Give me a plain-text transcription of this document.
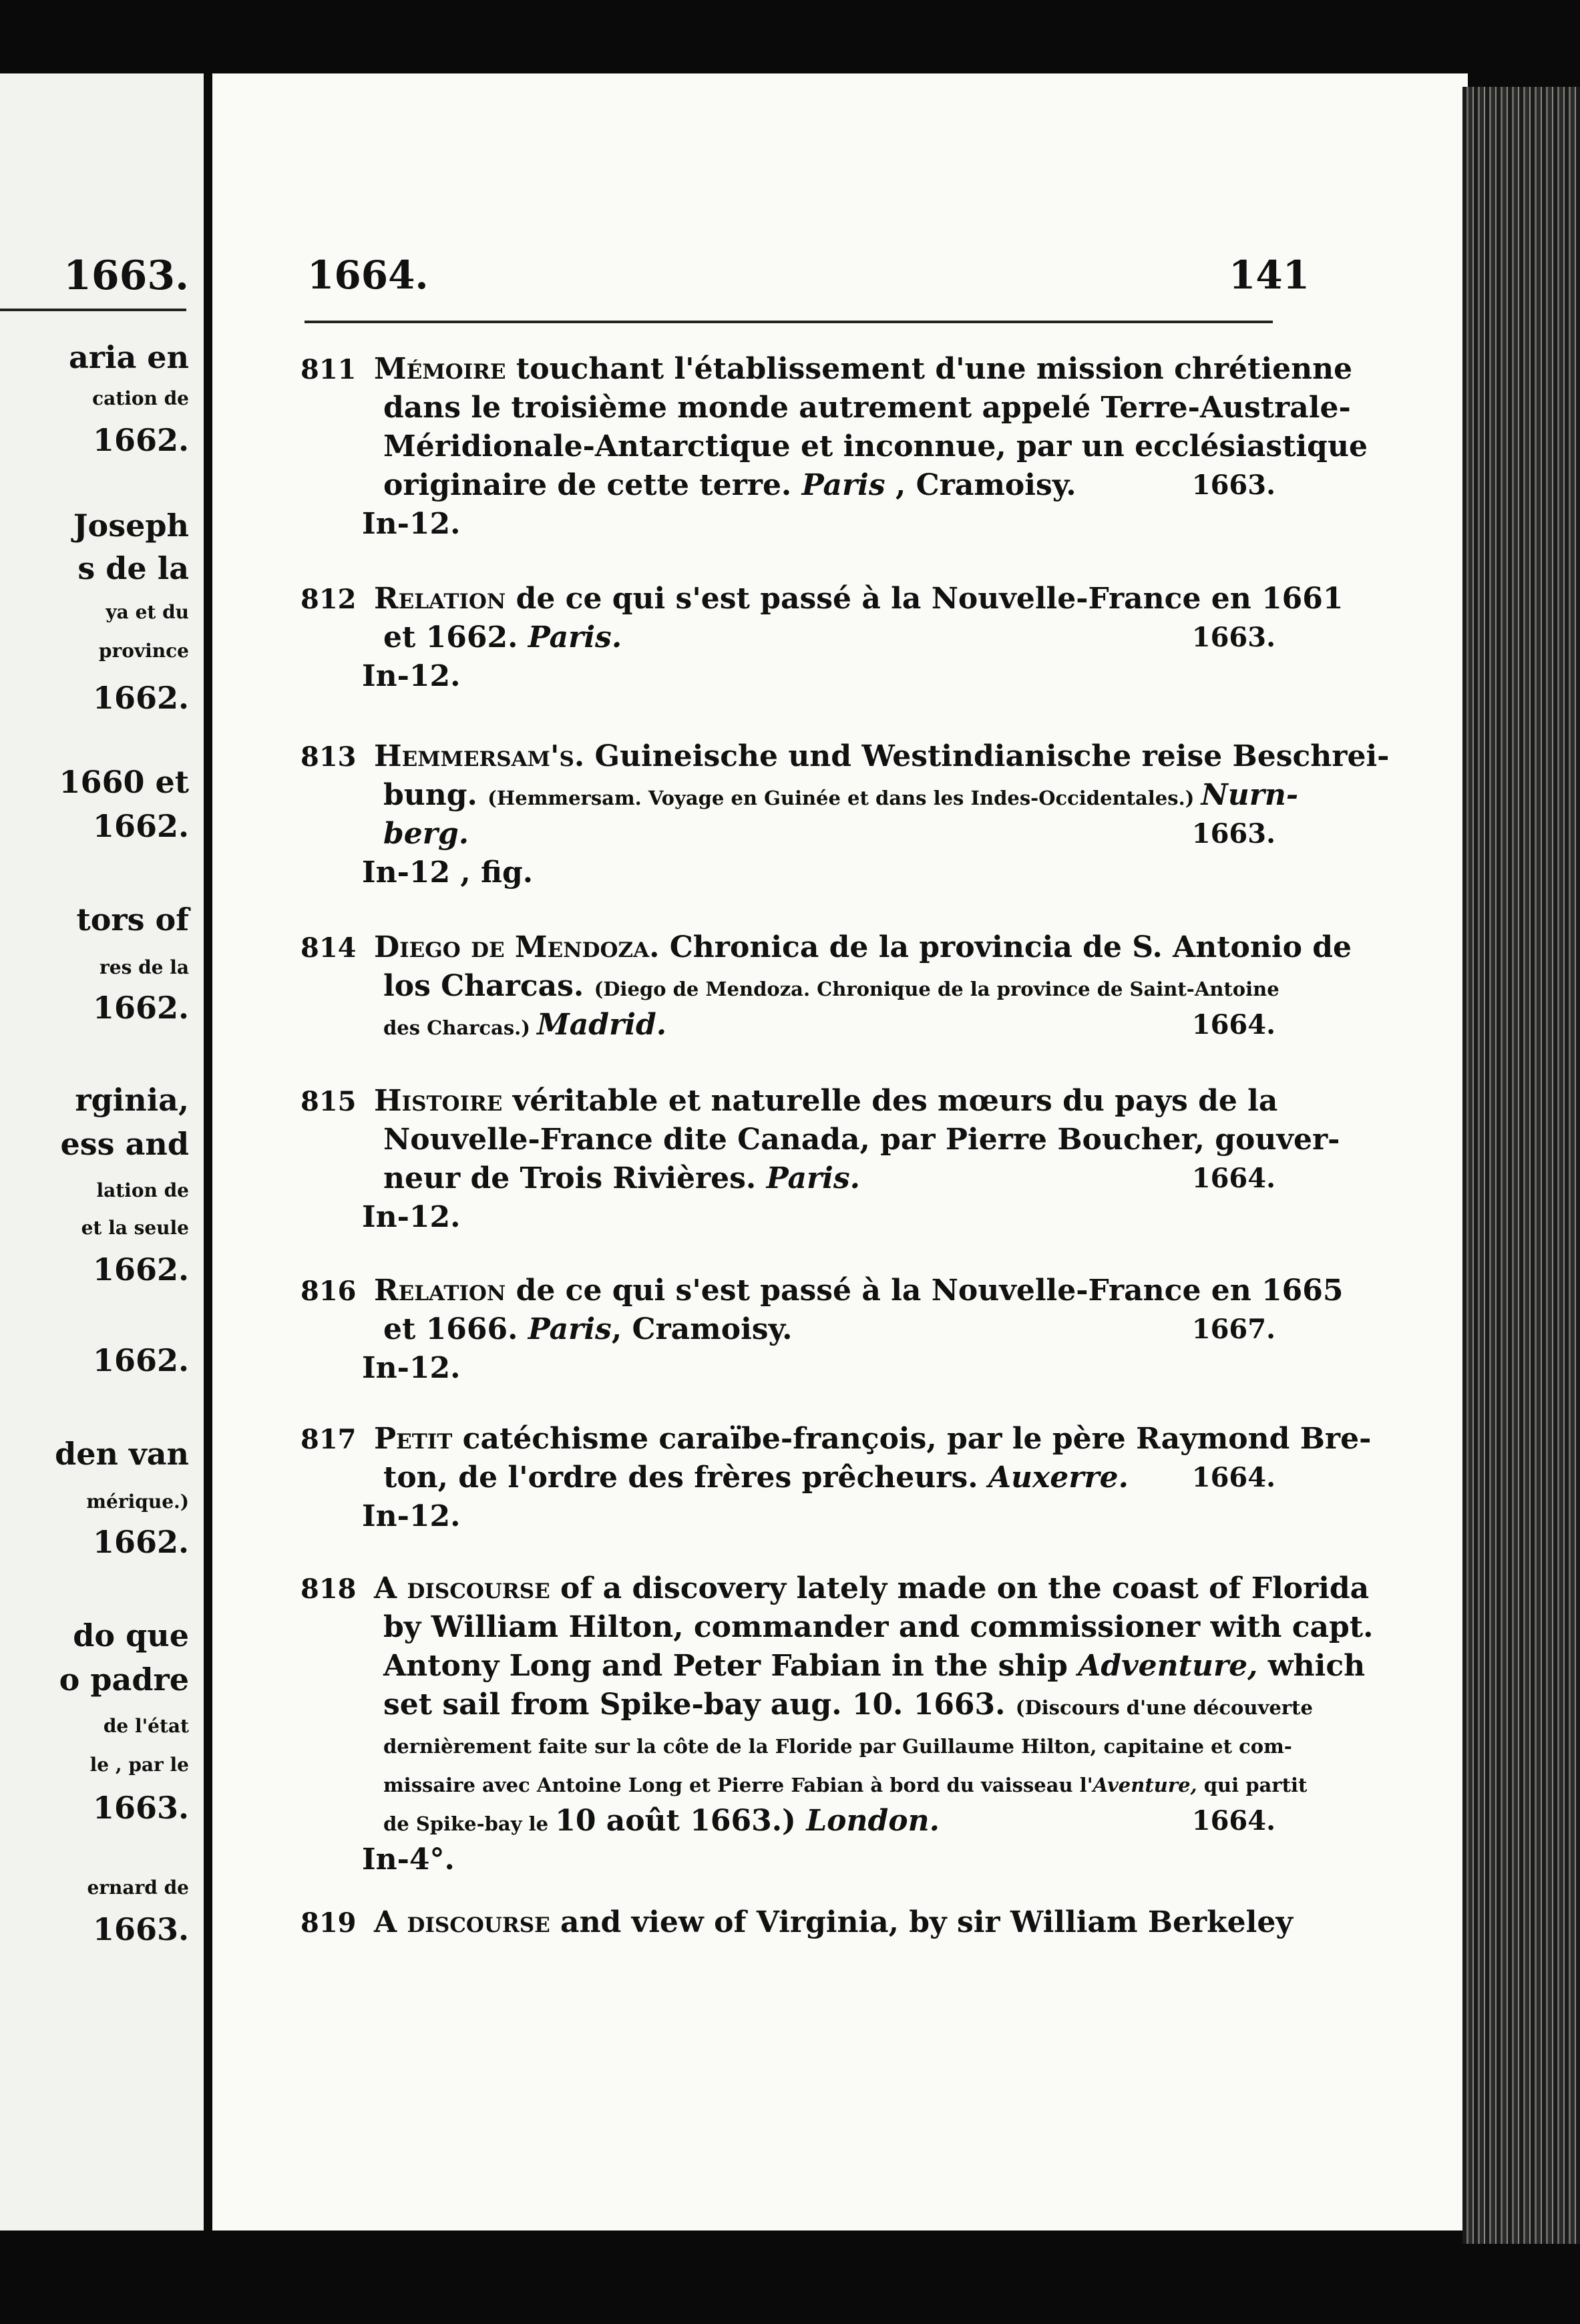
1663.
aria en
cation de
1662.
Joseph
s de la
ya et du
province
1662.
1660 et
1662.
tors of
res de la
1662.
rginia,
ess and
lation de
et la seule
1662.
1662.
den van
mérique.)
1662.
do que
o padre
de l'état
le , par le
1663.
ernard de
1663.
1664.	141
811 Mémoire touchant l'établissement d'une mission chrétienne
dans le troisième monde autrement appelé Terre-Australe-
Méridionale-Antarctique et inconnue, par un ecclésiastique
originaire de cette terre. Paris , Cramoisy.	1663.
In-12.
812 Relation de ce qui s'est passé à la Nouvelle-France en 1661
et 1662. Paris.	1663.
In-12.
813 Hemmersam's. Guineische und Westindianische reise Beschrei-
bung. (Hemmersam. Voyage en Guinée et dans les Indes-Occidentales.) Nurn-
berg.	1663.
In-12 , fig.
814 Diego de Mendoza. Chronica de la provincia de S. Antonio de
los Charcas. (Diego de Mendoza. Chronique de la province de Saint-Antoine
des Charcas.) Madrid.	1664.
815 Histoire véritable et naturelle des mœurs du pays de la
Nouvelle-France dite Canada, par Pierre Boucher, gouver-
neur de Trois Rivières. Paris.	1664.
In-12.
816 Relation de ce qui s'est passé à la Nouvelle-France en 1665
et 1666. Paris, Cramoisy.	1667.
In-12.
817 Petit catéchisme caraïbe-françois, par le père Raymond Bre-
ton, de l'ordre des frères prêcheurs. Auxerre. 1664.
In-12.
818 A discourse of a discovery lately made on the coast of Florida
by William Hilton, commander and commissioner with capt.
Antony Long and Peter Fabian in the ship Adventure, which
set sail from Spike-bay aug. 10. 1663. (Discours d'une découverte
dernièrement faite sur la côte de la Floride par Guillaume Hilton, capitaine et com-
missaire avec Antoine Long et Pierre Fabian à bord du vaisseau l'Aventure, qui partit
de Spike-bay le 10 août 1663.) London.	1664.
In-4°.
819 A discourse and view of Virginia, by sir William Berkeley
